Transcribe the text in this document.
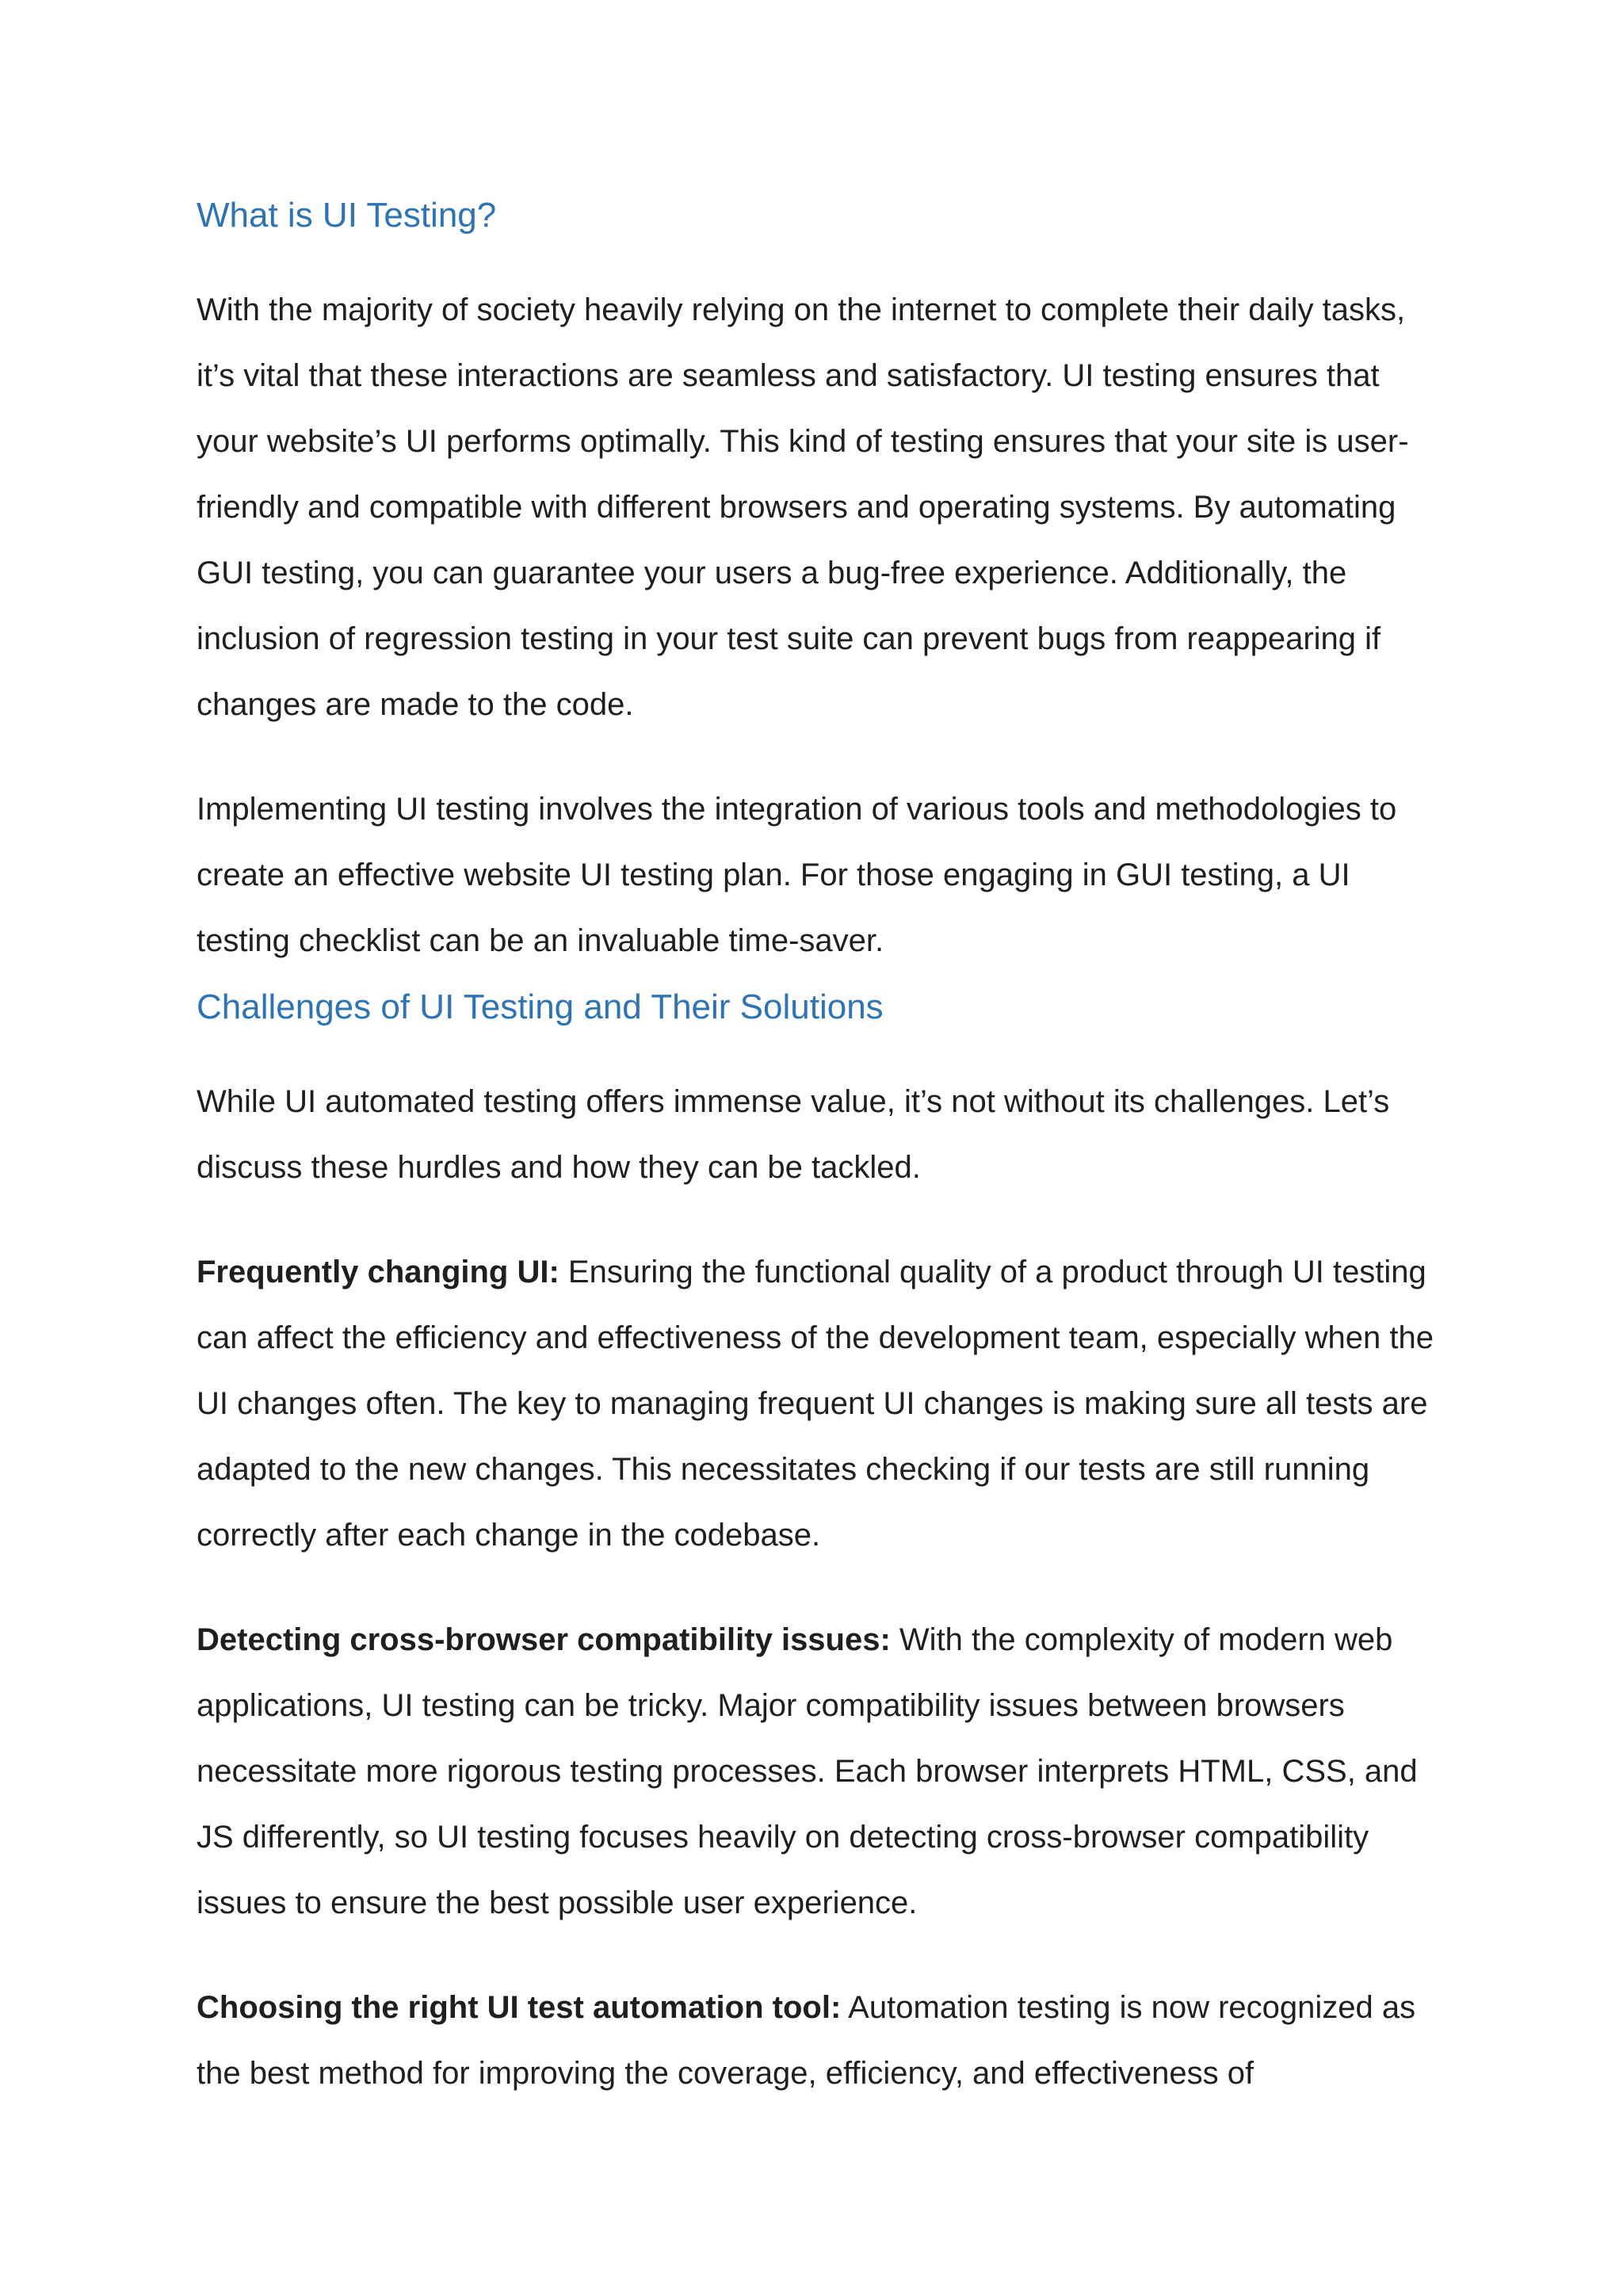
What is UI Testing?

With the majority of society heavily relying on the internet to complete their daily tasks, it’s vital that these interactions are seamless and satisfactory. UI testing ensures that your website’s UI performs optimally. This kind of testing ensures that your site is user-friendly and compatible with different browsers and operating systems. By automating GUI testing, you can guarantee your users a bug-free experience. Additionally, the inclusion of regression testing in your test suite can prevent bugs from reappearing if changes are made to the code.

Implementing UI testing involves the integration of various tools and methodologies to create an effective website UI testing plan. For those engaging in GUI testing, a UI testing checklist can be an invaluable time-saver.

Challenges of UI Testing and Their Solutions

While UI automated testing offers immense value, it’s not without its challenges. Let’s discuss these hurdles and how they can be tackled.

Frequently changing UI: Ensuring the functional quality of a product through UI testing can affect the efficiency and effectiveness of the development team, especially when the UI changes often. The key to managing frequent UI changes is making sure all tests are adapted to the new changes. This necessitates checking if our tests are still running correctly after each change in the codebase.

Detecting cross-browser compatibility issues: With the complexity of modern web applications, UI testing can be tricky. Major compatibility issues between browsers necessitate more rigorous testing processes. Each browser interprets HTML, CSS, and JS differently, so UI testing focuses heavily on detecting cross-browser compatibility issues to ensure the best possible user experience.

Choosing the right UI test automation tool: Automation testing is now recognized as the best method for improving the coverage, efficiency, and effectiveness of
